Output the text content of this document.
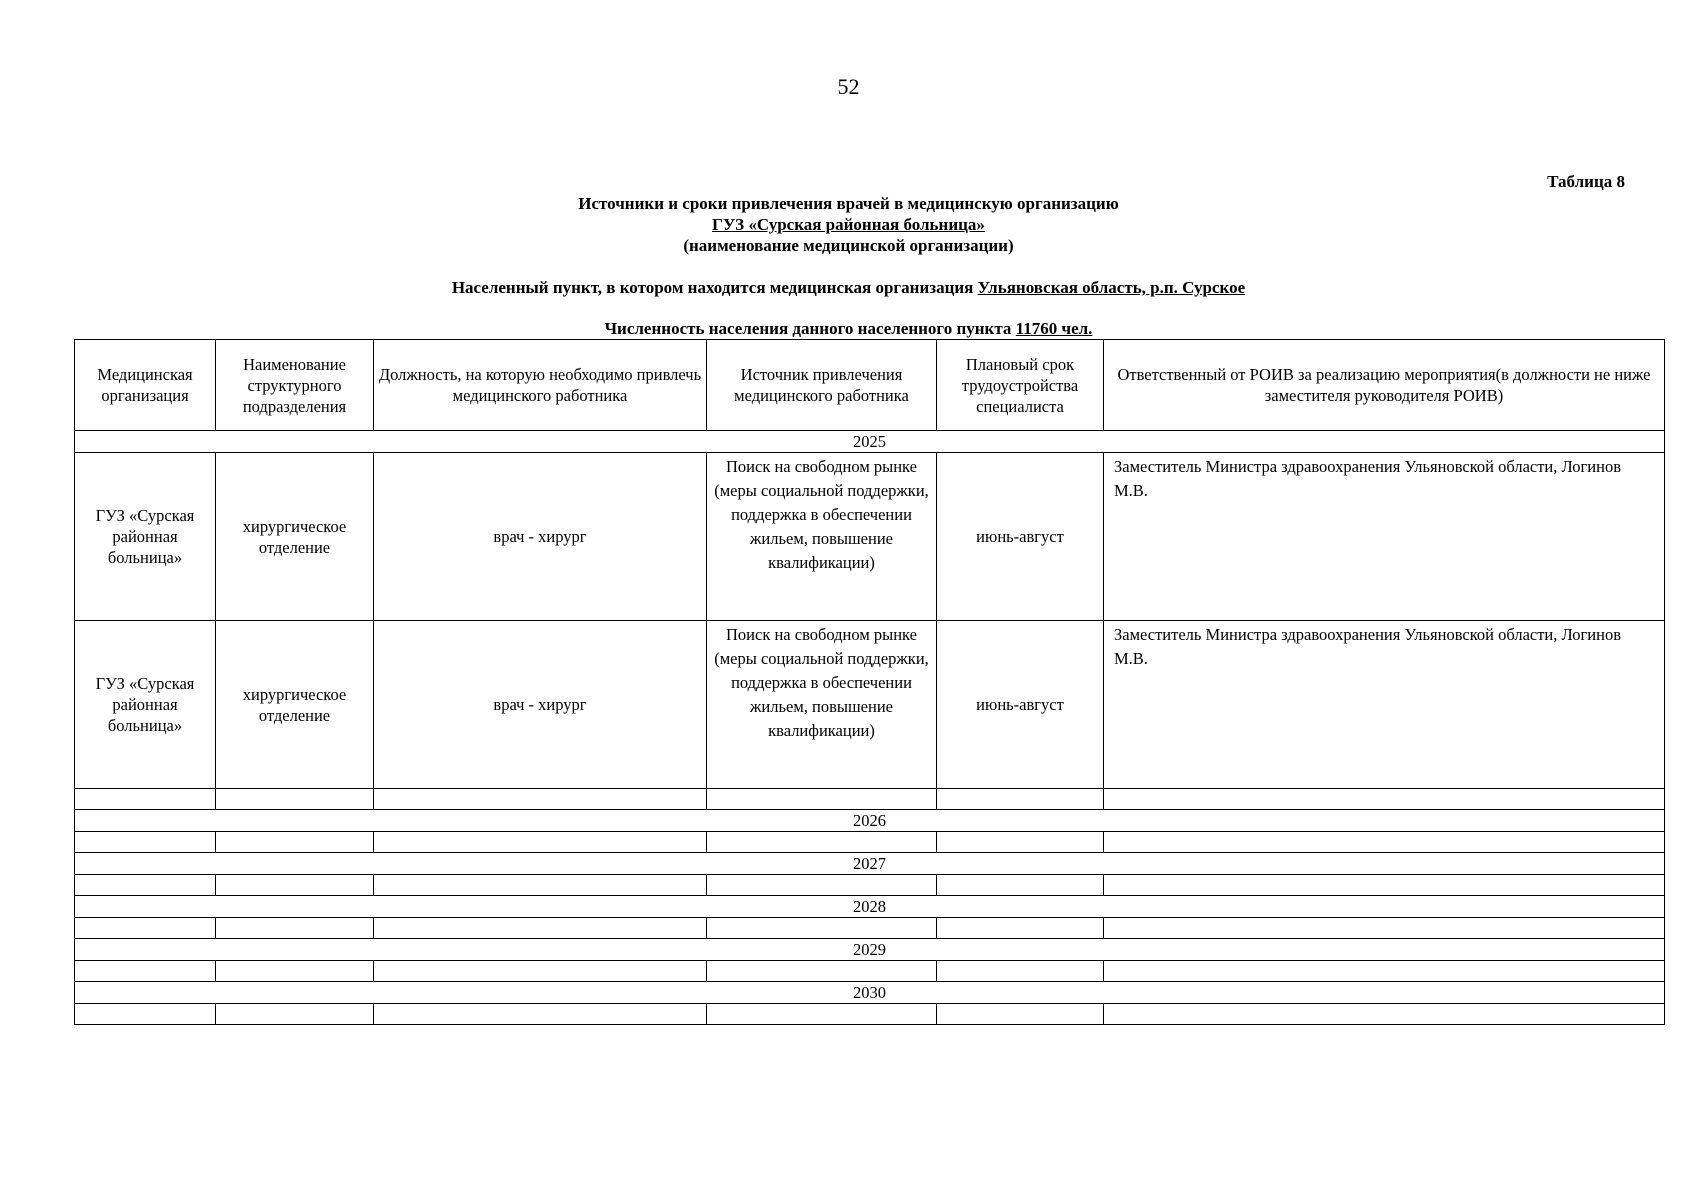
52
Таблица 8
Источники и сроки привлечения врачей в медицинскую организацию
ГУЗ «Сурская районная больница»
(наименование медицинской организации)
Населенный пункт, в котором находится медицинская организация Ульяновская область, р.п. Сурское
Численность населения данного населенного пункта 11760 чел.
Медицинская организация	Наименование структурного подразделения	Должность, на которую необходимо привлечь медицинского работника	Источник привлечения медицинского работника	Плановый срок трудоустройства специалиста	Ответственный от РОИВ за реализацию мероприятия(в должности не ниже заместителя руководителя РОИВ)
2025					
ГУЗ «Сурская районная больница»	хирургическое отделение	врач - хирург	Поиск на свободном рынке (меры социальной поддержки, поддержка в обеспечении жильем, повышение квалификации)	июнь-август	Заместитель Министра здравоохранения Ульяновской области, Логинов М.В.
ГУЗ «Сурская районная больница»	хирургическое отделение	врач - хирург	Поиск на свободном рынке (меры социальной поддержки, поддержка в обеспечении жильем, повышение квалификации)	июнь-август	Заместитель Министра здравоохранения Ульяновской области, Логинов М.В.

2026					

2027					

2028					

2029					

2030					
